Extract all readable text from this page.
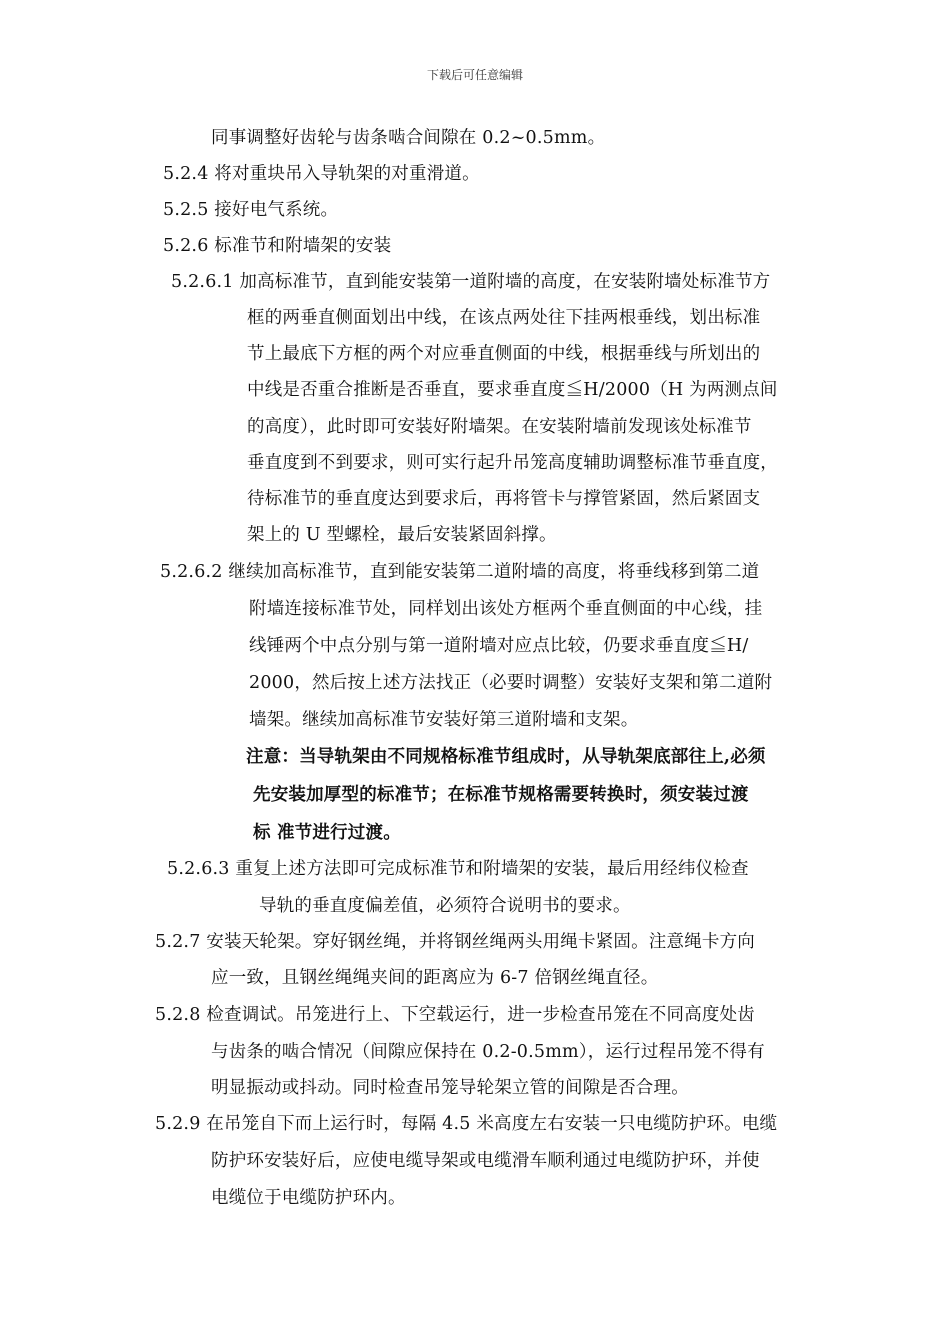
下载后可任意编辑
同事调整好齿轮与齿条啮合间隙在 0.2~0.5mm。
5.2.4 将对重块吊入导轨架的对重滑道。
5.2.5 接好电气系统。
5.2.6 标准节和附墙架的安装
5.2.6.1 加高标准节，直到能安装第一道附墙的高度，在安装附墙处标准节方
框的两垂直侧面划出中线，在该点两处往下挂两根垂线，划出标准
节上最底下方框的两个对应垂直侧面的中线，根据垂线与所划出的
中线是否重合推断是否垂直，要求垂直度≦H/2000（H 为两测点间
的高度），此时即可安装好附墙架。在安装附墙前发现该处标准节
垂直度到不到要求，则可实行起升吊笼高度辅助调整标准节垂直度，
待标准节的垂直度达到要求后，再将管卡与撑管紧固，然后紧固支
架上的 U 型螺栓，最后安装紧固斜撑。
5.2.6.2 继续加高标准节，直到能安装第二道附墙的高度，将垂线移到第二道
附墙连接标准节处，同样划出该处方框两个垂直侧面的中心线，挂
线锤两个中点分别与第一道附墙对应点比较，仍要求垂直度≦H/
2000，然后按上述方法找正（必要时调整）安装好支架和第二道附
墙架。继续加高标准节安装好第三道附墙和支架。
注意：当导轨架由不同规格标准节组成时，从导轨架底部往上,必须
先安装加厚型的标准节；在标准节规格需要转换时，须安装过渡
标 准节进行过渡。
5.2.6.3 重复上述方法即可完成标准节和附墙架的安装，最后用经纬仪检查
导轨的垂直度偏差值，必须符合说明书的要求。
5.2.7 安装天轮架。穿好钢丝绳，并将钢丝绳两头用绳卡紧固。注意绳卡方向
应一致，且钢丝绳绳夹间的距离应为 6-7 倍钢丝绳直径。
5.2.8 检查调试。吊笼进行上、下空载运行，进一步检查吊笼在不同高度处齿
与齿条的啮合情况（间隙应保持在 0.2-0.5mm），运行过程吊笼不得有
明显振动或抖动。同时检查吊笼导轮架立管的间隙是否合理。
5.2.9 在吊笼自下而上运行时，每隔 4.5 米高度左右安装一只电缆防护环。电缆
防护环安装好后，应使电缆导架或电缆滑车顺利通过电缆防护环，并使
电缆位于电缆防护环内。
